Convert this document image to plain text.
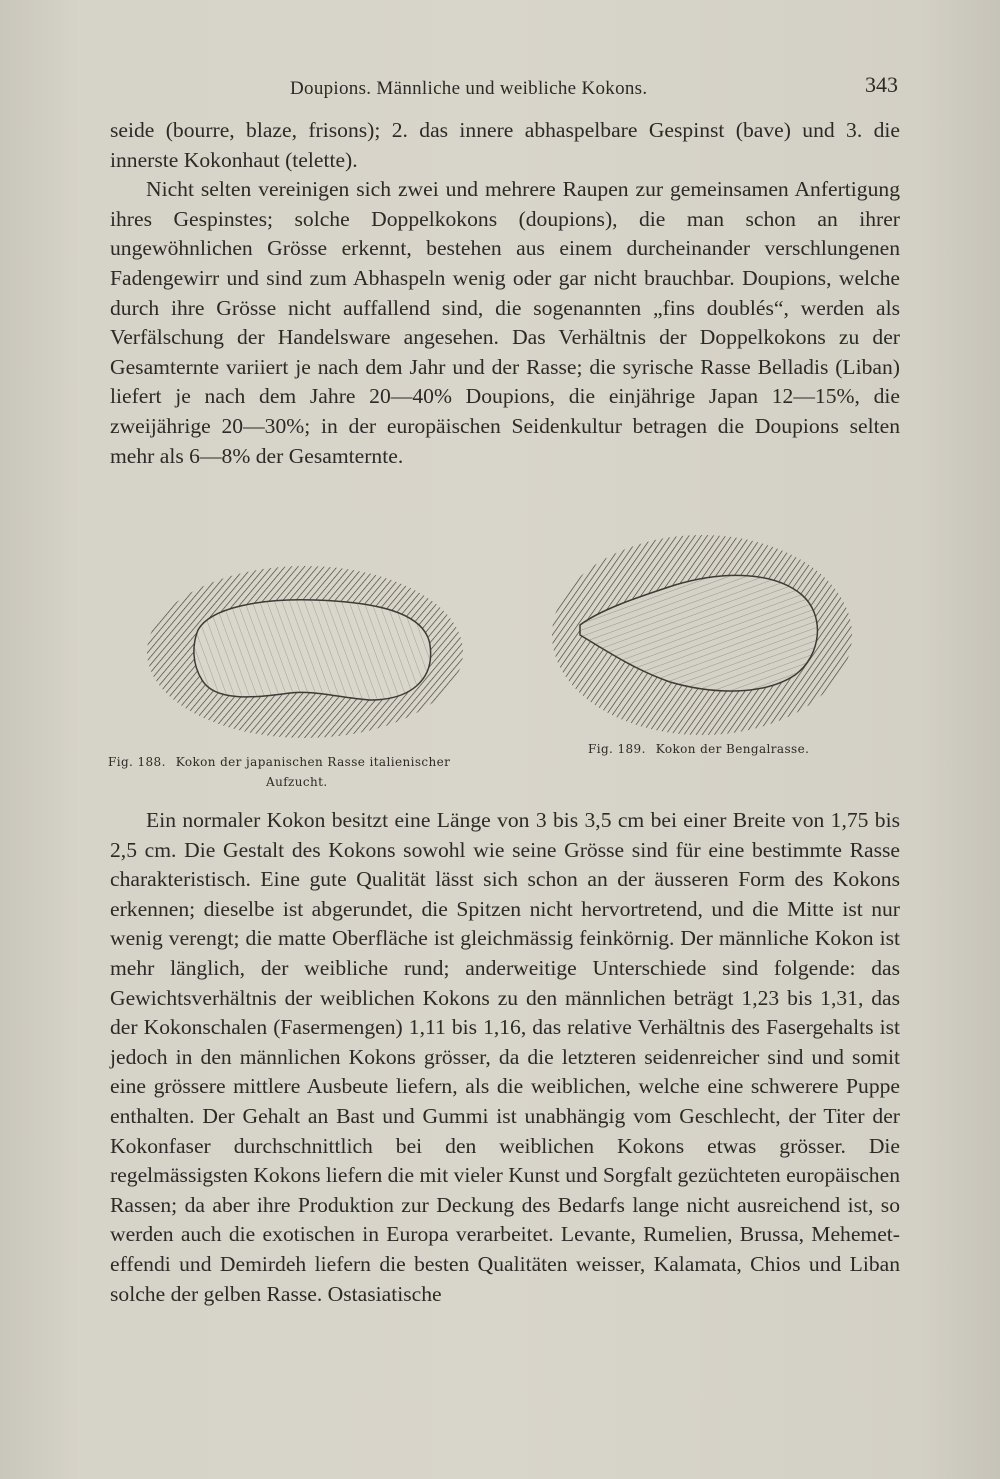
Doupions. Männliche und weibliche Kokons.	343

seide (bourre, blaze, frisons); 2. das innere abhaspelbare Gespinst (bave) und 3. die innerste Kokonhaut (telette).

Nicht selten vereinigen sich zwei und mehrere Raupen zur gemeinsamen Anfertigung ihres Gespinstes; solche Doppelkokons (doupions), die man schon an ihrer ungewöhnlichen Grösse erkennt, bestehen aus einem durcheinander verschlungenen Fadengewirr und sind zum Abhaspeln wenig oder gar nicht brauchbar. Doupions, welche durch ihre Grösse nicht auffallend sind, die sogenannten „fins doublés“, werden als Verfälschung der Handelsware angesehen. Das Verhältnis der Doppelkokons zu der Gesamternte variiert je nach dem Jahr und der Rasse; die syrische Rasse Belladis (Liban) liefert je nach dem Jahre 20—40% Doupions, die einjährige Japan 12—15%, die zweijährige 20—30%; in der europäischen Seidenkultur betragen die Doupions selten mehr als 6—8% der Gesamternte.

Fig. 188. Kokon der japanischen Rasse italienischer
Aufzucht.
Fig. 189. Kokon der Bengalrasse.

Ein normaler Kokon besitzt eine Länge von 3 bis 3,5 cm bei einer Breite von 1,75 bis 2,5 cm. Die Gestalt des Kokons sowohl wie seine Grösse sind für eine bestimmte Rasse charakteristisch. Eine gute Qualität lässt sich schon an der äusseren Form des Kokons erkennen; dieselbe ist abgerundet, die Spitzen nicht hervortretend, und die Mitte ist nur wenig verengt; die matte Oberfläche ist gleichmässig feinkörnig. Der männliche Kokon ist mehr länglich, der weibliche rund; anderweitige Unterschiede sind folgende: das Gewichtsverhältnis der weiblichen Kokons zu den männlichen beträgt 1,23 bis 1,31, das der Kokonschalen (Fasermengen) 1,11 bis 1,16, das relative Verhältnis des Fasergehalts ist jedoch in den männlichen Kokons grösser, da die letzteren seidenreicher sind und somit eine grössere mittlere Ausbeute liefern, als die weiblichen, welche eine schwerere Puppe enthalten. Der Gehalt an Bast und Gummi ist unabhängig vom Geschlecht, der Titer der Kokonfaser durchschnittlich bei den weiblichen Kokons etwas grösser. Die regelmässigsten Kokons liefern die mit vieler Kunst und Sorgfalt gezüchteten europäischen Rassen; da aber ihre Produktion zur Deckung des Bedarfs lange nicht ausreichend ist, so werden auch die exotischen in Europa verarbeitet. Levante, Rumelien, Brussa, Mehemet-effendi und Demirdeh liefern die besten Qualitäten weisser, Kalamata, Chios und Liban solche der gelben Rasse. Ostasiatische
